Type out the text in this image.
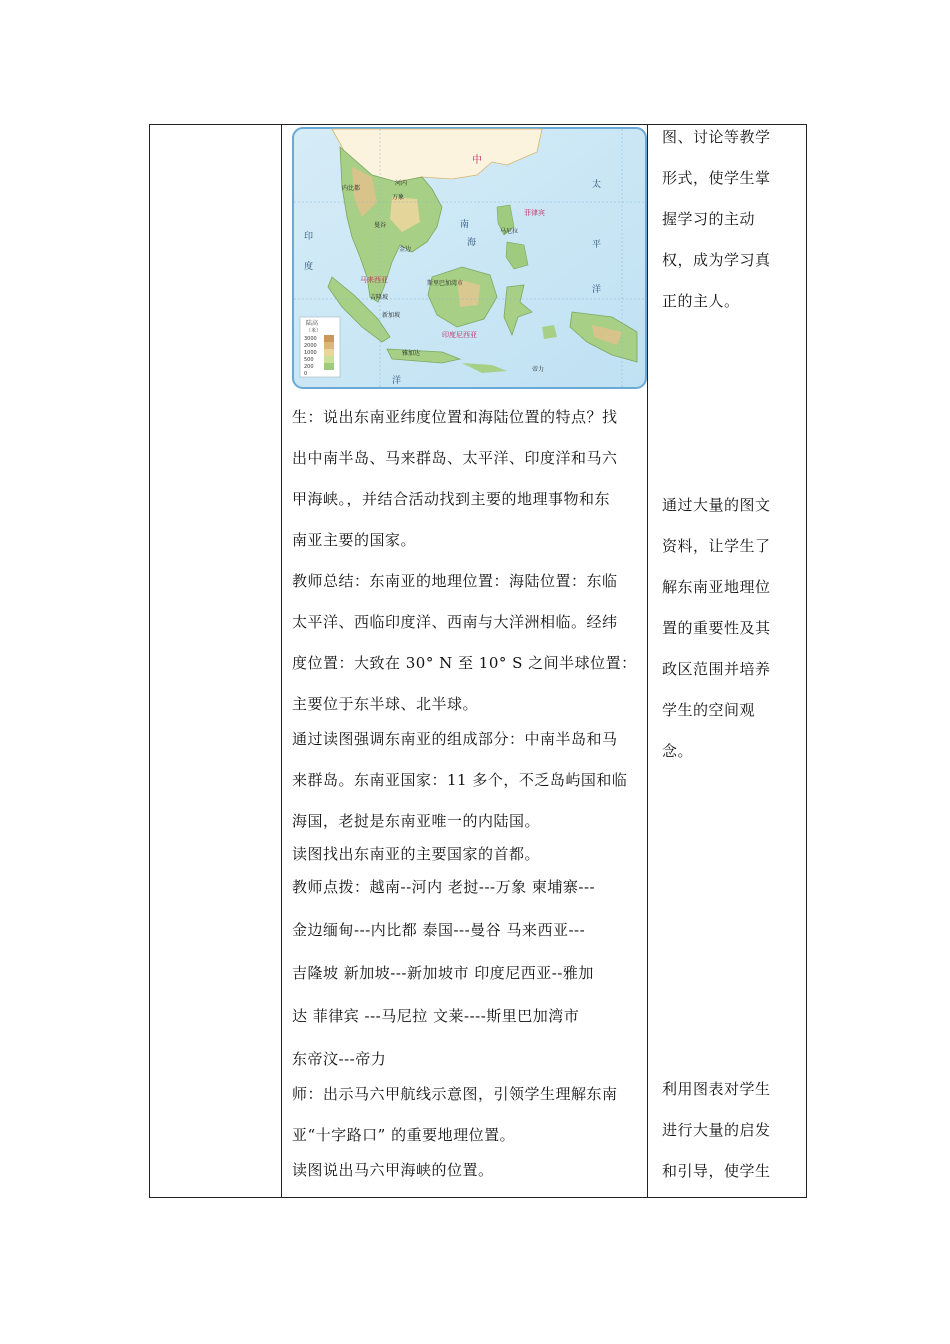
中
太
平
洋
印
度
洋
南
海
内比都
河内
万象
曼谷
金边
马尼拉
吉隆坡
新加坡
斯里巴加湾市
雅加达
帝力
菲律宾
马来西亚
印度尼西亚
陆高
（米）
3000
2000
1000
500
200
0
生：说出东南亚纬度位置和海陆位置的特点？找
出中南半岛、马来群岛、太平洋、印度洋和马六
甲海峡。，并结合活动找到主要的地理事物和东
南亚主要的国家。
教师总结：东南亚的地理位置：海陆位置：东临
太平洋、西临印度洋、西南与大洋洲相临。经纬
度位置：大致在 30° N 至 10° S 之间半球位置：
主要位于东半球、北半球。
通过读图强调东南亚的组成部分：中南半岛和马
来群岛。东南亚国家：11 多个，不乏岛屿国和临
海国，老挝是东南亚唯一的内陆国。
读图找出东南亚的主要国家的首都。
教师点拨：越南--河内 老挝---万象 柬埔寨---
金边缅甸---内比都 泰国---曼谷 马来西亚---
吉隆坡 新加坡---新加坡市 印度尼西亚--雅加
达 菲律宾 ---马尼拉 文莱----斯里巴加湾市
东帝汶---帝力
师：出示马六甲航线示意图，引领学生理解东南
亚“十字路口” 的重要地理位置。
读图说出马六甲海峡的位置。

图、讨论等教学
形式，使学生掌
握学习的主动
权，成为学习真
正的主人。
通过大量的图文
资料，让学生了
解东南亚地理位
置的重要性及其
政区范围并培养
学生的空间观
念。
利用图表对学生
进行大量的启发
和引导，使学生
